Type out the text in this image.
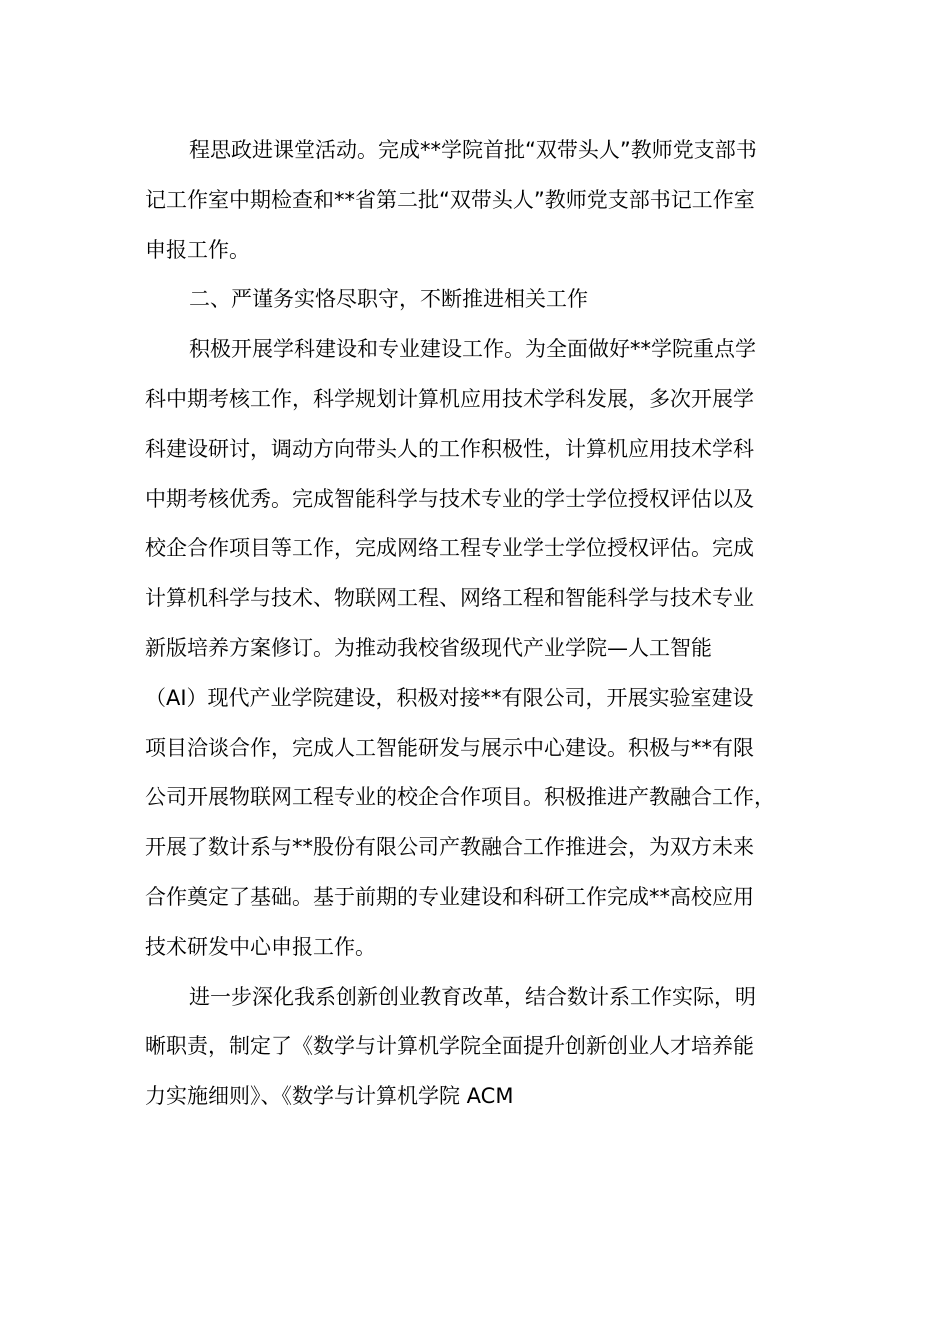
程思政进课堂活动。完成**学院首批“双带头人”教师党支部书
记工作室中期检查和**省第二批“双带头人”教师党支部书记工作室
申报工作。
二、严谨务实恪尽职守，不断推进相关工作
积极开展学科建设和专业建设工作。为全面做好**学院重点学
科中期考核工作，科学规划计算机应用技术学科发展，多次开展学
科建设研讨，调动方向带头人的工作积极性，计算机应用技术学科
中期考核优秀。完成智能科学与技术专业的学士学位授权评估以及
校企合作项目等工作，完成网络工程专业学士学位授权评估。完成
计算机科学与技术、物联网工程、网络工程和智能科学与技术专业
新版培养方案修订。为推动我校省级现代产业学院—人工智能
（AI）现代产业学院建设，积极对接**有限公司，开展实验室建设
项目洽谈合作，完成人工智能研发与展示中心建设。积极与**有限
公司开展物联网工程专业的校企合作项目。积极推进产教融合工作，
开展了数计系与**股份有限公司产教融合工作推进会，为双方未来
合作奠定了基础。基于前期的专业建设和科研工作完成**高校应用
技术研发中心申报工作。
进一步深化我系创新创业教育改革，结合数计系工作实际，明
晰职责，制定了《数学与计算机学院全面提升创新创业人才培养能
力实施细则》、《数学与计算机学院 ACM
